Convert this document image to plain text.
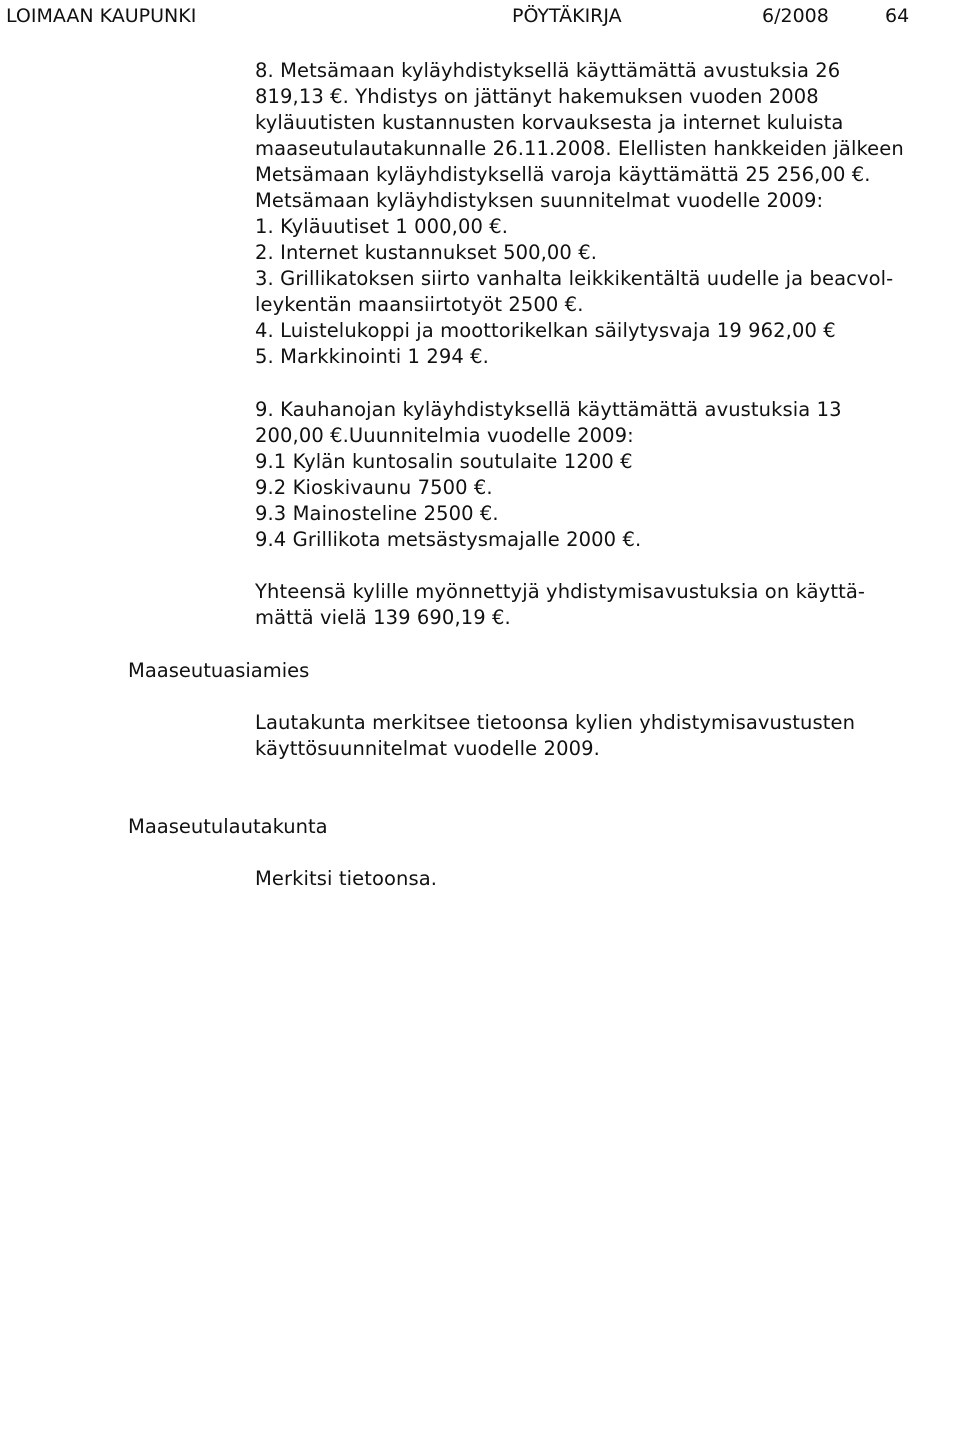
LOIMAAN KAUPUNKI	PÖYTÄKIRJA	6/2008	64
8. Metsämaan kyläyhdistyksellä käyttämättä avustuksia 26
819,13 €. Yhdistys on jättänyt hakemuksen vuoden 2008
kyläuutisten kustannusten korvauksesta ja internet kuluista
maaseutulautakunnalle 26.11.2008. Elellisten hankkeiden jälkeen
Metsämaan kyläyhdistyksellä varoja käyttämättä 25 256,00 €.
Metsämaan kyläyhdistyksen suunnitelmat vuodelle 2009:
1. Kyläuutiset 1 000,00 €.
2. Internet kustannukset 500,00 €.
3. Grillikatoksen siirto vanhalta leikkikentältä uudelle ja beacvol-
leykentän maansiirtotyöt 2500 €.
4. Luistelukoppi ja moottorikelkan säilytysvaja 19 962,00 €
5. Markkinointi 1 294 €.
9. Kauhanojan kyläyhdistyksellä käyttämättä avustuksia 13
200,00 €.Uuunnitelmia vuodelle 2009:
9.1 Kylän kuntosalin soutulaite 1200 €
9.2 Kioskivaunu 7500 €.
9.3 Mainosteline 2500 €.
9.4 Grillikota metsästysmajalle 2000 €.
Yhteensä kylille myönnettyjä yhdistymisavustuksia on käyttä-
mättä vielä 139 690,19 €.
Maaseutuasiamies
Lautakunta merkitsee tietoonsa kylien yhdistymisavustusten
käyttösuunnitelmat vuodelle 2009.
Maaseutulautakunta
Merkitsi tietoonsa.
